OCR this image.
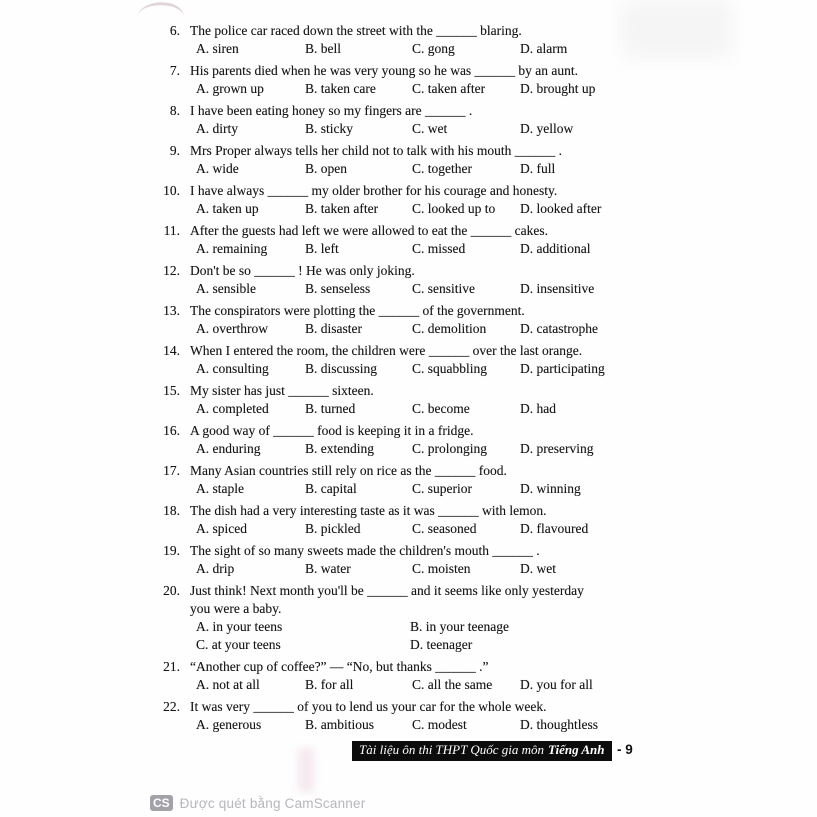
6. The police car raced down the street with the ______ blaring.
A. siren	B. bell	C. gong	D. alarm
7. His parents died when he was very young so he was ______ by an aunt.
A. grown up	B. taken care	C. taken after	D. brought up
8. I have been eating honey so my fingers are ______ .
A. dirty	B. sticky	C. wet	D. yellow
9. Mrs Proper always tells her child not to talk with his mouth ______ .
A. wide	B. open	C. together	D. full
10. I have always ______ my older brother for his courage and honesty.
A. taken up	B. taken after	C. looked up to	D. looked after
11. After the guests had left we were allowed to eat the ______ cakes.
A. remaining	B. left	C. missed	D. additional
12. Don't be so ______ ! He was only joking.
A. sensible	B. senseless	C. sensitive	D. insensitive
13. The conspirators were plotting the ______ of the government.
A. overthrow	B. disaster	C. demolition	D. catastrophe
14. When I entered the room, the children were ______ over the last orange.
A. consulting	B. discussing	C. squabbling	D. participating
15. My sister has just ______ sixteen.
A. completed	B. turned	C. become	D. had
16. A good way of ______ food is keeping it in a fridge.
A. enduring	B. extending	C. prolonging	D. preserving
17. Many Asian countries still rely on rice as the ______ food.
A. staple	B. capital	C. superior	D. winning
18. The dish had a very interesting taste as it was ______ with lemon.
A. spiced	B. pickled	C. seasoned	D. flavoured
19. The sight of so many sweets made the children's mouth ______ .
A. drip	B. water	C. moisten	D. wet
20. Just think! Next month you'll be ______ and it seems like only yesterday
you were a baby.
A. in your teens	B. in your teenage
C. at your teens	D. teenager
21. “Another cup of coffee?” — “No, but thanks ______ .”
A. not at all	B. for all	C. all the same	D. you for all
22. It was very ______ of you to lend us your car for the whole week.
A. generous	B. ambitious	C. modest	D. thoughtless
Tài liệu ôn thi THPT Quốc gia môn Tiếng Anh - 9
CS Được quét bằng CamScanner
